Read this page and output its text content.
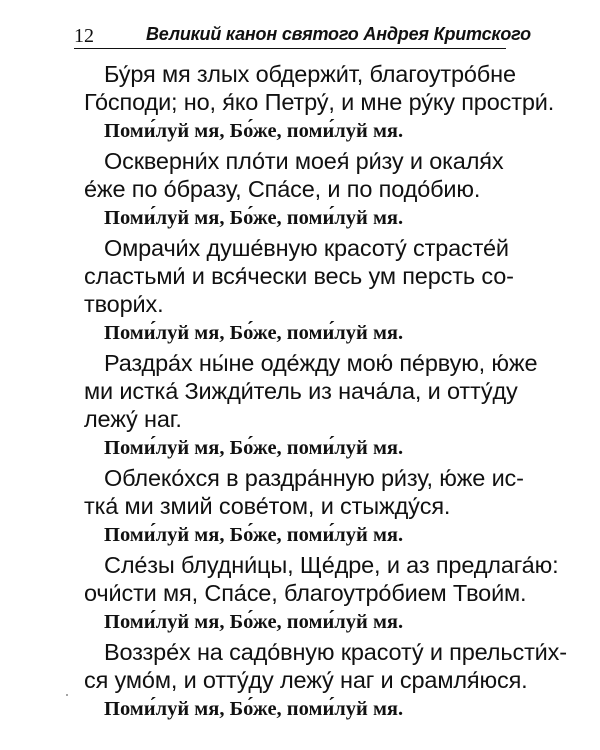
12	Великий канон святого Андрея Критского
Бу́ря мя злых обдержи́т, благоутро́бне
Го́споди; но, я́ко Петру́, и мне ру́ку простри́.
Поми́луй мя, Бо́же, поми́луй мя.
Оскверни́х пло́ти моея́ ри́зу и окаля́х
е́же по о́бразу, Спа́се, и по подо́бию.
Поми́луй мя, Бо́же, поми́луй мя.
Омрачи́х душе́вную красоту́ страсте́й
сластьми́ и вся́чески весь ум персть со-
твори́х.
Поми́луй мя, Бо́же, поми́луй мя.
Раздра́х ны́не оде́жду мою́ пе́рвую, ю́же
ми истка́ Зижди́тель из нача́ла, и отту́ду
лежу́ наг.
Поми́луй мя, Бо́же, поми́луй мя.
Облеко́хся в раздра́нную ри́зу, ю́же ис-
тка́ ми змий сове́том, и стыжду́ся.
Поми́луй мя, Бо́же, поми́луй мя.
Сле́зы блудни́цы, Ще́дре, и аз предлага́ю:
очи́сти мя, Спа́се, благоутро́бием Твои́м.
Поми́луй мя, Бо́же, поми́луй мя.
Воззре́х на садо́вную красоту́ и прельсти́х-
ся умо́м, и отту́ду лежу́ наг и срамля́юся.
Поми́луй мя, Бо́же, поми́луй мя.
